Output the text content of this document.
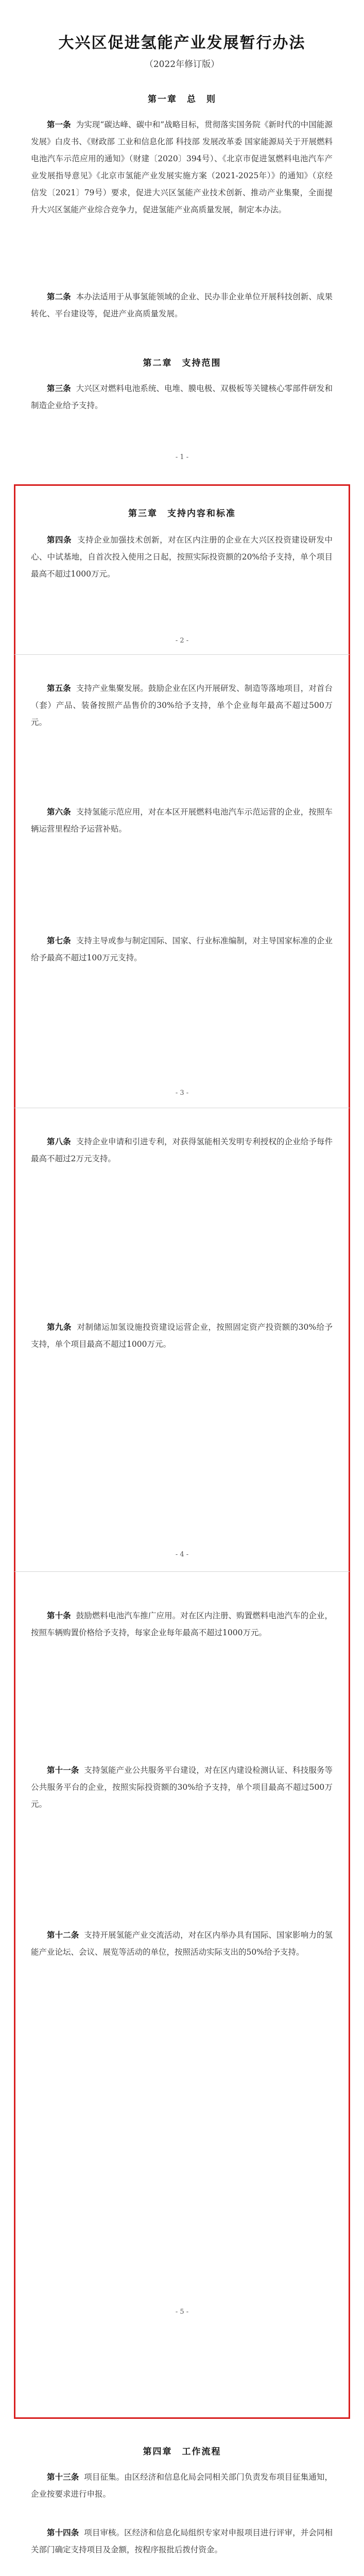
大兴区促进氢能产业发展暂行办法
（2022年修订版）
第一章　总　则
第一条 为实现“碳达峰、碳中和”战略目标，贯彻落实国务院《新时代的中国能源发展》白皮书、《财政部 工业和信息化部 科技部 发展改革委 国家能源局关于开展燃料电池汽车示范应用的通知》（财建〔2020〕394号）、《北京市促进氢燃料电池汽车产业发展指导意见》《北京市氢能产业发展实施方案（2021-2025年）》的通知》（京经信发〔2021〕79号）要求，促进大兴区氢能产业技术创新、推动产业集聚，全面提升大兴区氢能产业综合竞争力，促进氢能产业高质量发展，制定本办法。
第二条 本办法适用于从事氢能领域的企业、民办非企业单位开展科技创新、成果转化、平台建设等，促进产业高质量发展。
第二章　支持范围
第三条 大兴区对燃料电池系统、电堆、膜电极、双极板等关键核心零部件研发和制造企业给予支持。
- 1 -
第三章　支持内容和标准
第四条 支持企业加强技术创新，对在区内注册的企业在大兴区投资建设研发中心、中试基地，自首次投入使用之日起，按照实际投资额的20%给予支持，单个项目最高不超过1000万元。
- 2 -
第五条 支持产业集聚发展。鼓励企业在区内开展研发、制造等落地项目，对首台（套）产品、装备按照产品售价的30%给予支持，单个企业每年最高不超过500万元。
第六条 支持氢能示范应用，对在本区开展燃料电池汽车示范运营的企业，按照车辆运营里程给予运营补贴。
第七条 支持主导或参与制定国际、国家、行业标准编制，对主导国家标准的企业给予最高不超过100万元支持。
- 3 -
第八条 支持企业申请和引进专利，对获得氢能相关发明专利授权的企业给予每件最高不超过2万元支持。
第九条 对制储运加氢设施投资建设运营企业，按照固定资产投资额的30%给予支持，单个项目最高不超过1000万元。
- 4 -
第十条 鼓励燃料电池汽车推广应用。对在区内注册、购置燃料电池汽车的企业，按照车辆购置价格给予支持，每家企业每年最高不超过1000万元。
第十一条 支持氢能产业公共服务平台建设，对在区内建设检测认证、科技服务等公共服务平台的企业，按照实际投资额的30%给予支持，单个项目最高不超过500万元。
第十二条 支持开展氢能产业交流活动，对在区内举办具有国际、国家影响力的氢能产业论坛、会议、展览等活动的单位，按照活动实际支出的50%给予支持。
- 5 -
第四章　工作流程
第十三条 项目征集。由区经济和信息化局会同相关部门负责发布项目征集通知，企业按要求进行申报。
第十四条 项目审核。区经济和信息化局组织专家对申报项目进行评审，并会同相关部门确定支持项目及金额，按程序报批后拨付资金。
